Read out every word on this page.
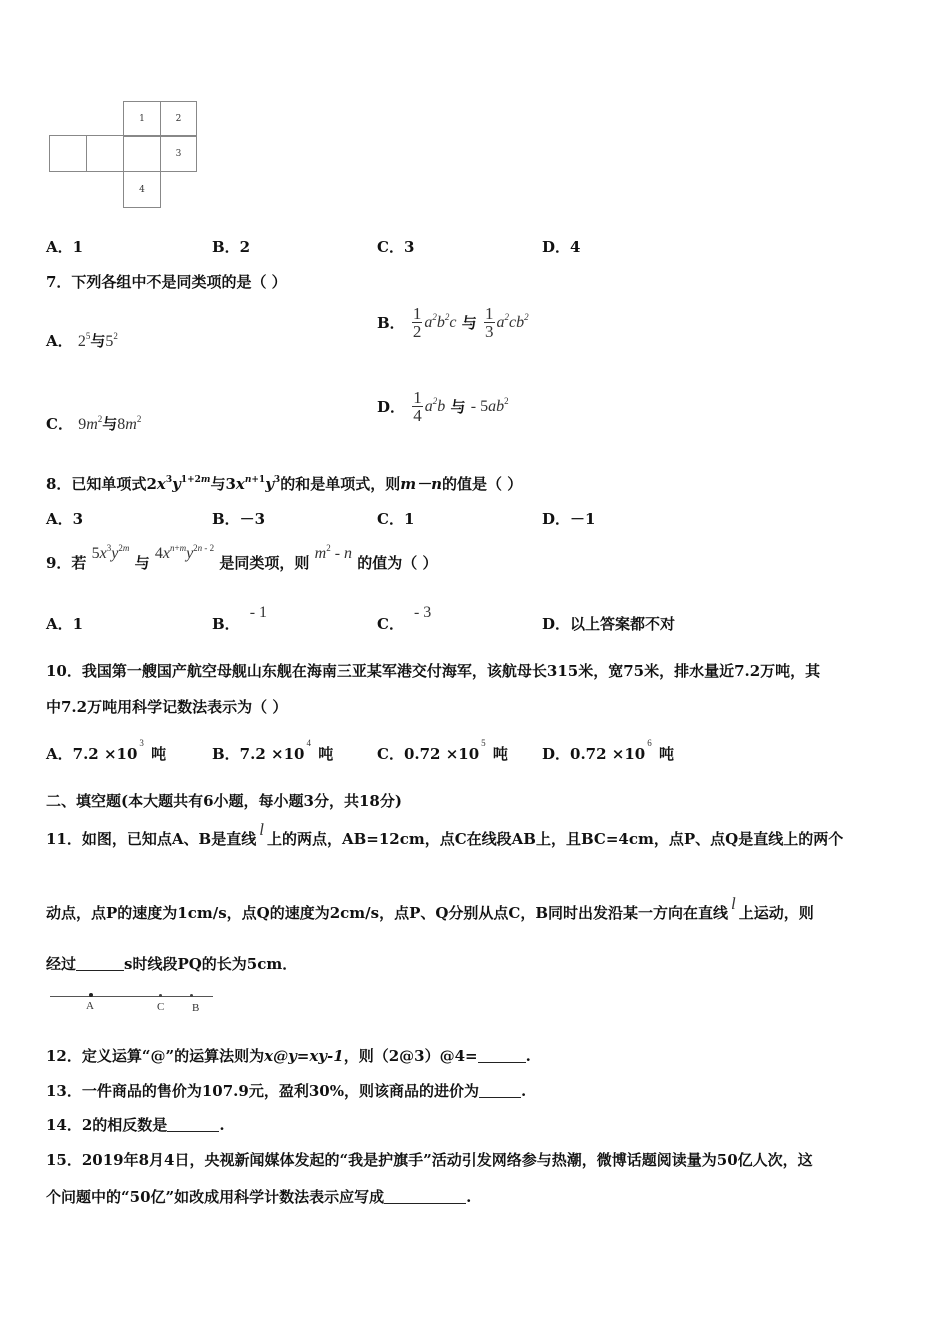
1	2
3
4
A．1	B．2	C．3	D．4
7．下列各组中不是同类项的是（ ）
A． $2^5$与$5^2$
B． $\frac{1}{2} a^2b^2c$ 与 $\frac{1}{3} a^2cb^2$
C． $9m^2$与$8m^2$
D． $\frac{1}{4} a^2b$ 与 - $5ab^2$
8．已知单项式$2x^3y^{1+2m}$与$3x^{n+1}y^3$的和是单项式，则m－n的值是（ ）
A．3	B．－3	C．1	D．－1
9．若 $5x^3y^{2m}$ 与 $4x^{n+m}y^{2n - 2}$ 是同类项，则 $m^2$ - n 的值为（ ）
A．1	B．- 1
C．- 3
D．以上答案都不对
10．我国第一艘国产航空母舰山东舰在海南三亚某军港交付海军，该航母长315米，宽75米，排水量近7.2万吨，其
中7.2万吨用科学记数法表示为（ ）
A．$7.2 \times 10^3$ 吨	B．$7.2 \times 10^4$ 吨	C．$0.72 \times 10^5$ 吨 D．$0.72 \times 10^6$ 吨
二、填空题(本大题共有6小题，每小题3分，共18分)
11．如图，已知点A、B是直线 l 上的两点，AB=12cm，点C在线段AB上，且BC=4cm，点P、点Q是直线上的两个
动点，点P的速度为1cm/s，点Q的速度为2cm/s，点P、Q分别从点C，B同时出发沿某一方向在直线 l 上运动，则
经过	s时线段PQ的长为5cm．
A	C	B
12．定义运算“@”的运算法则为x@y=xy-1，则（2@3）@4=	.
13．一件商品的售价为107.9元，盈利30%，则该商品的进价为	.
14．2的相反数是	.
15．2019年8月4日，央视新闻媒体发起的“我是护旗手”活动引发网络参与热潮，微博话题阅读量为50亿人次，这
个问题中的“50亿”如改成用科学计数法表示应写成	.
